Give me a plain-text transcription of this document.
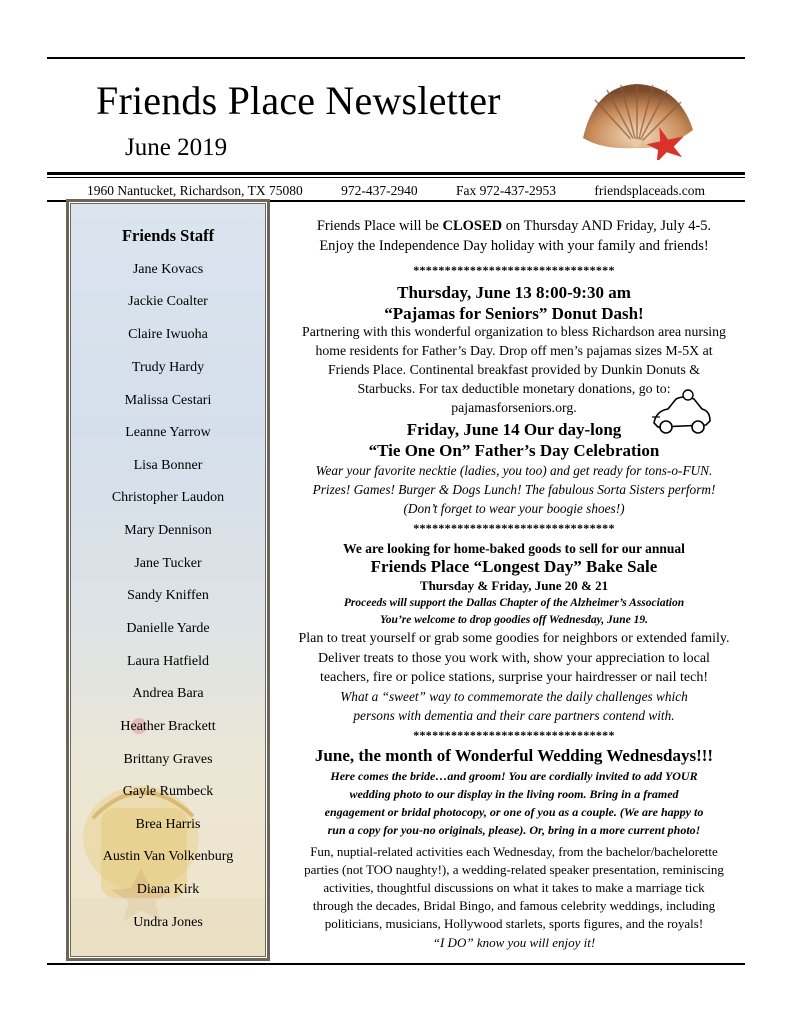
Friends Place Newsletter
June 2019
1960 Nantucket, Richardson, TX 75080	972-437-2940	Fax 972-437-2953	friendsplaceads.com
Friends Staff
Jane Kovacs
Jackie Coalter
Claire Iwuoha
Trudy Hardy
Malissa Cestari
Leanne Yarrow
Lisa Bonner
Christopher Laudon
Mary Dennison
Jane Tucker
Sandy Kniffen
Danielle Yarde
Laura Hatfield
Andrea Bara
Heather Brackett
Brittany Graves
Gayle Rumbeck
Brea Harris
Austin Van Volkenburg
Diana Kirk
Undra Jones
Friends Place will be CLOSED on Thursday AND Friday, July 4-5.
Enjoy the Independence Day holiday with your family and friends!
********************************
Thursday, June 13 8:00-9:30 am
“Pajamas for Seniors” Donut Dash!
Partnering with this wonderful organization to bless Richardson area nursing
home residents for Father’s Day. Drop off men’s pajamas sizes M-5X at
Friends Place. Continental breakfast provided by Dunkin Donuts &
Starbucks. For tax deductible monetary donations, go to:
pajamasforseniors.org.
Friday, June 14 Our day-long
“Tie One On” Father’s Day Celebration
Wear your favorite necktie (ladies, you too) and get ready for tons-o-FUN.
Prizes! Games! Burger & Dogs Lunch! The fabulous Sorta Sisters perform!
(Don’t forget to wear your boogie shoes!)
********************************
We are looking for home-baked goods to sell for our annual
Friends Place “Longest Day” Bake Sale
Thursday & Friday, June 20 & 21
Proceeds will support the Dallas Chapter of the Alzheimer’s Association
You’re welcome to drop goodies off Wednesday, June 19.
Plan to treat yourself or grab some goodies for neighbors or extended family.
Deliver treats to those you work with, show your appreciation to local
teachers, fire or police stations, surprise your hairdresser or nail tech!
What a “sweet” way to commemorate the daily challenges which
persons with dementia and their care partners contend with.
********************************
June, the month of Wonderful Wedding Wednesdays!!!
Here comes the bride…and groom! You are cordially invited to add YOUR
wedding photo to our display in the living room. Bring in a framed
engagement or bridal photocopy, or one of you as a couple. (We are happy to
run a copy for you-no originals, please). Or, bring in a more current photo!
Fun, nuptial-related activities each Wednesday, from the bachelor/bachelorette
parties (not TOO naughty!), a wedding-related speaker presentation, reminiscing
activities, thoughtful discussions on what it takes to make a marriage tick
through the decades, Bridal Bingo, and famous celebrity weddings, including
politicians, musicians, Hollywood starlets, sports figures, and the royals!
“I DO” know you will enjoy it!
